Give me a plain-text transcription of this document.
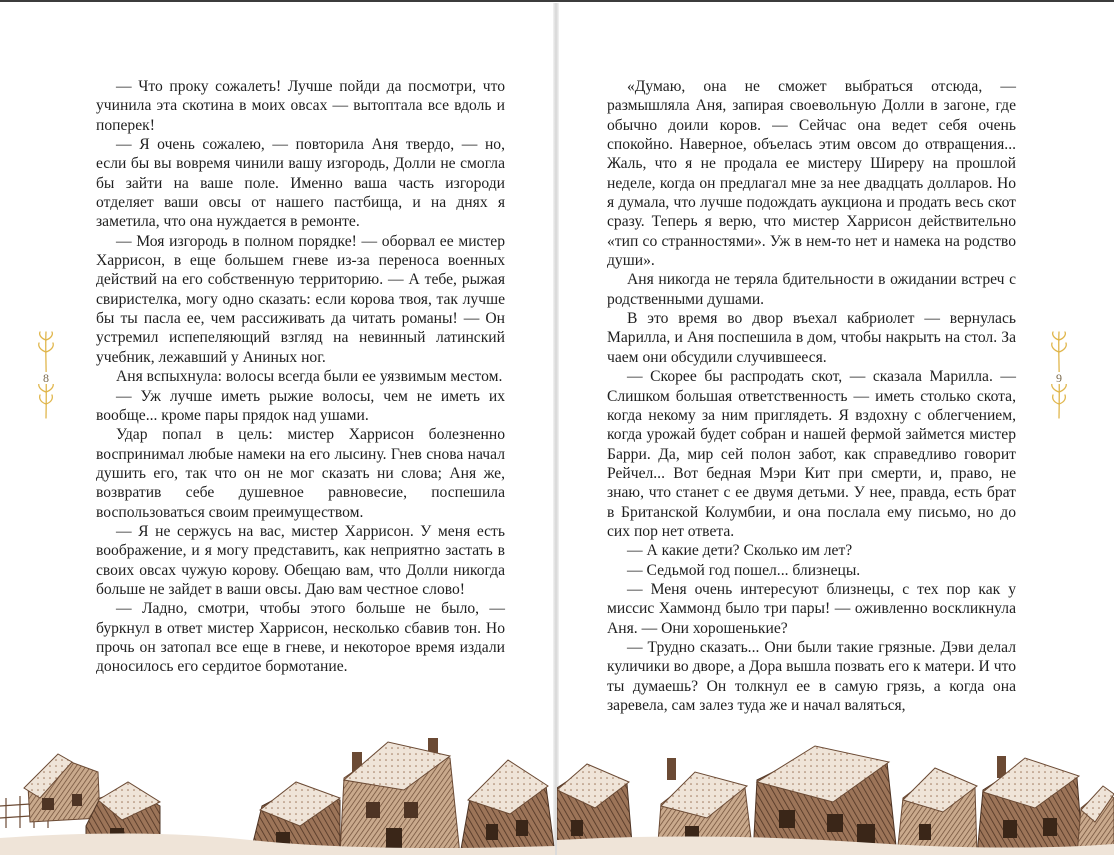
— Что проку сожалеть! Лучше пойди да посмотри, что учинила эта скотина в моих овсах — вытоптала все вдоль и поперек!

— Я очень сожалею, — повторила Аня твердо, — но, если бы вы вовремя чинили вашу изгородь, Долли не смогла бы зайти на ваше поле. Именно ваша часть изгороди отделяет ваши овсы от нашего пастбища, и на днях я заметила, что она нуждается в ремонте.

— Моя изгородь в полном порядке! — оборвал ее мистер Харрисон, в еще большем гневе из-за переноса военных действий на его собственную территорию. — А тебе, рыжая свиристелка, могу одно сказать: если корова твоя, так лучше бы ты пасла ее, чем рассиживать да читать романы! — Он устремил испепеляющий взгляд на невинный латинский учебник, лежавший у Аниных ног.

Аня вспыхнула: волосы всегда были ее уязвимым местом.

— Уж лучше иметь рыжие волосы, чем не иметь их вообще... кроме пары прядок над ушами.

Удар попал в цель: мистер Харрисон болезненно воспринимал любые намеки на его лысину. Гнев снова начал душить его, так что он не мог сказать ни слова; Аня же, возвратив себе душевное равновесие, поспешила воспользоваться своим преимуществом.

— Я не сержусь на вас, мистер Харрисон. У меня есть воображение, и я могу представить, как неприятно застать в своих овсах чужую корову. Обещаю вам, что Долли никогда больше не зайдет в ваши овсы. Даю вам честное слово!

— Ладно, смотри, чтобы этого больше не было, — буркнул в ответ мистер Харрисон, несколько сбавив тон. Но прочь он затопал все еще в гневе, и некоторое время издали доносилось его сердитое бормотание.

«Думаю, она не сможет выбраться отсюда, — размышляла Аня, запирая своевольную Долли в загоне, где обычно доили коров. — Сейчас она ведет себя очень спокойно. Наверное, объелась этим овсом до отвращения... Жаль, что я не продала ее мистеру Ширеру на прошлой неделе, когда он предлагал мне за нее двадцать долларов. Но я думала, что лучше подождать аукциона и продать весь скот сразу. Теперь я верю, что мистер Харрисон действительно «тип со странностями». Уж в нем-то нет и намека на родство души».

Аня никогда не теряла бдительности в ожидании встреч с родственными душами.

В это время во двор въехал кабриолет — вернулась Марилла, и Аня поспешила в дом, чтобы накрыть на стол. За чаем они обсудили случившееся.

— Скорее бы распродать скот, — сказала Марилла. — Слишком большая ответственность — иметь столько скота, когда некому за ним приглядеть. Я вздохну с облегчением, когда урожай будет собран и нашей фермой займется мистер Барри. Да, мир сей полон забот, как справедливо говорит Рейчел... Вот бедная Мэри Кит при смерти, и, право, не знаю, что станет с ее двумя детьми. У нее, правда, есть брат в Британской Колумбии, и она послала ему письмо, но до сих пор нет ответа.

— А какие дети? Сколько им лет?

— Седьмой год пошел... близнецы.

— Меня очень интересуют близнецы, с тех пор как у миссис Хаммонд было три пары! — оживленно воскликнула Аня. — Они хорошенькие?

— Трудно сказать... Они были такие грязные. Дэви делал куличики во дворе, а Дора вышла позвать его к матери. И что ты думаешь? Он толкнул ее в самую грязь, а когда она заревела, сам залез туда же и начал валяться,

8	9
